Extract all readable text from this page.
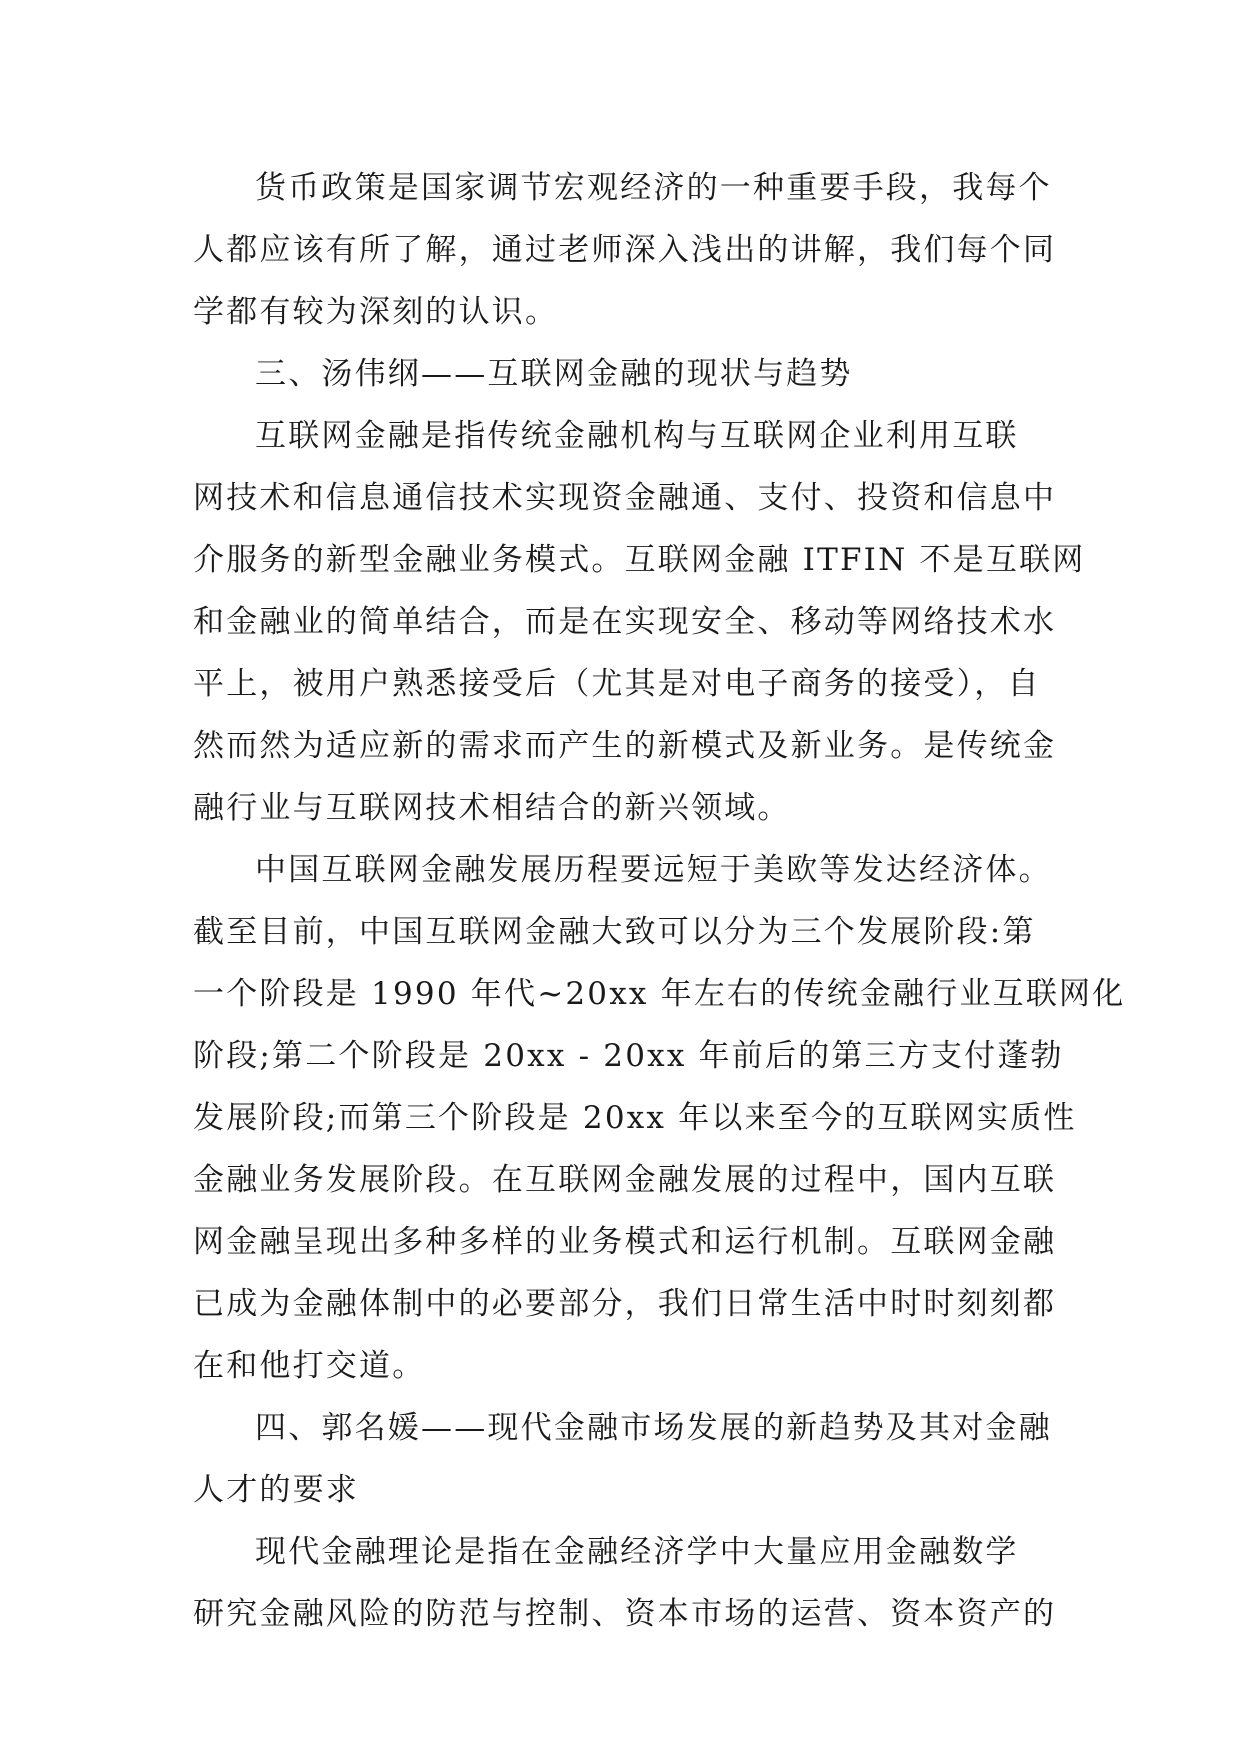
货币政策是国家调节宏观经济的一种重要手段，我每个
人都应该有所了解，通过老师深入浅出的讲解，我们每个同
学都有较为深刻的认识。
三、汤伟纲——互联网金融的现状与趋势
互联网金融是指传统金融机构与互联网企业利用互联
网技术和信息通信技术实现资金融通、支付、投资和信息中
介服务的新型金融业务模式。互联网金融 ITFIN 不是互联网
和金融业的简单结合，而是在实现安全、移动等网络技术水
平上，被用户熟悉接受后（尤其是对电子商务的接受），自
然而然为适应新的需求而产生的新模式及新业务。是传统金
融行业与互联网技术相结合的新兴领域。
中国互联网金融发展历程要远短于美欧等发达经济体。
截至目前，中国互联网金融大致可以分为三个发展阶段:第
一个阶段是 1990 年代~20xx 年左右的传统金融行业互联网化
阶段;第二个阶段是 20xx - 20xx 年前后的第三方支付蓬勃
发展阶段;而第三个阶段是 20xx 年以来至今的互联网实质性
金融业务发展阶段。在互联网金融发展的过程中，国内互联
网金融呈现出多种多样的业务模式和运行机制。互联网金融
已成为金融体制中的必要部分，我们日常生活中时时刻刻都
在和他打交道。
四、郭名媛——现代金融市场发展的新趋势及其对金融
人才的要求
现代金融理论是指在金融经济学中大量应用金融数学
研究金融风险的防范与控制、资本市场的运营、资本资产的
